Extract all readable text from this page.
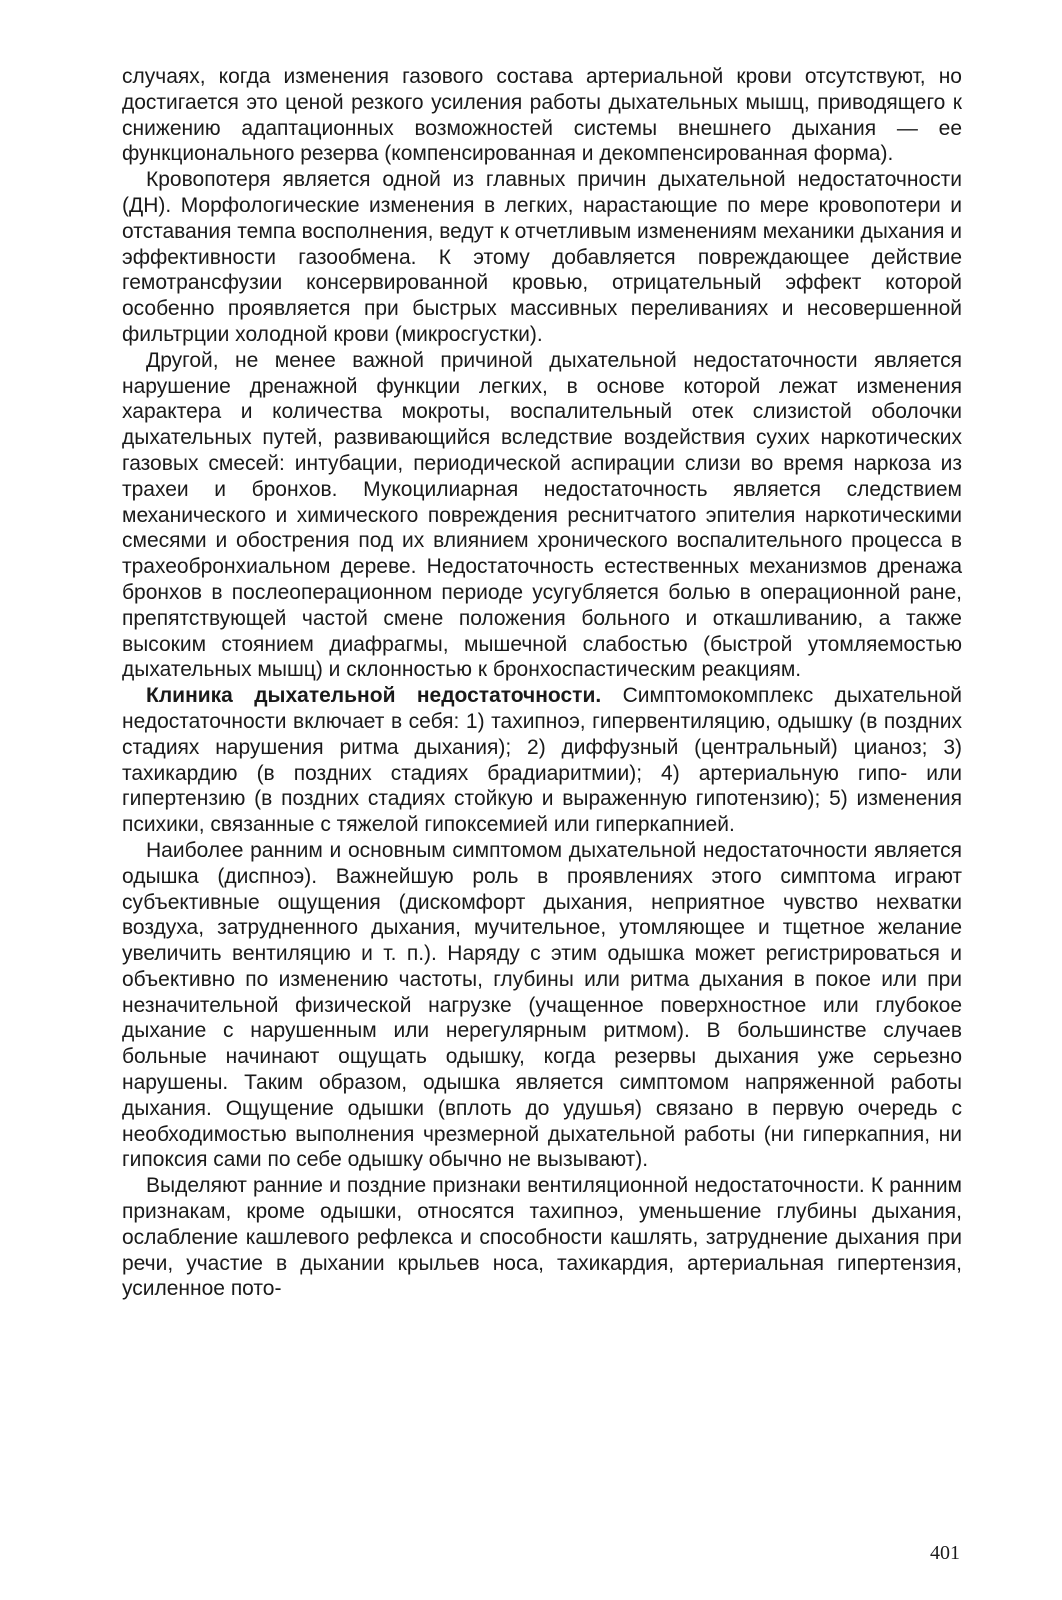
случаях, когда изменения газового состава артериальной крови отсутствуют, но достигается это ценой резкого усиления работы дыхательных мышц, приводящего к снижению адаптационных возможностей системы внешнего дыхания — ее функционального резерва (компенсированная и декомпенсированная форма).

Кровопотеря является одной из главных причин дыхательной недостаточности (ДН). Морфологические изменения в легких, нарастающие по мере кровопотери и отставания темпа восполнения, ведут к отчетливым изменениям механики дыхания и эффективности газообмена. К этому добавляется повреждающее действие гемотрансфузии консервированной кровью, отрицательный эффект которой особенно проявляется при быстрых массивных переливаниях и несовершенной фильтрции холодной крови (микросгустки).

Другой, не менее важной причиной дыхательной недостаточности является нарушение дренажной функции легких, в основе которой лежат изменения характера и количества мокроты, воспалительный отек слизистой оболочки дыхательных путей, развивающийся вследствие воздействия сухих наркотических газовых смесей: интубации, периодической аспирации слизи во время наркоза из трахеи и бронхов. Мукоцилиарная недостаточность является следствием механического и химического повреждения реснитчатого эпителия наркотическими смесями и обострения под их влиянием хронического воспалительного процесса в трахеобронхиальном дереве. Недостаточность естественных механизмов дренажа бронхов в послеоперационном периоде усугубляется болью в операционной ране, препятствующей частой смене положения больного и откашливанию, а также высоким стоянием диафрагмы, мышечной слабостью (быстрой утомляемостью дыхательных мышц) и склонностью к бронхоспастическим реакциям.

Клиника дыхательной недостаточности. Симптомокомплекс дыхательной недостаточности включает в себя: 1) тахипноэ, гипервентиляцию, одышку (в поздних стадиях нарушения ритма дыхания); 2) диффузный (центральный) цианоз; 3) тахикардию (в поздних стадиях брадиаритмии); 4) артериальную гипо- или гипертензию (в поздних стадиях стойкую и выраженную гипотензию); 5) изменения психики, связанные с тяжелой гипоксемией или гиперкапнией.

Наиболее ранним и основным симптомом дыхательной недостаточности является одышка (диспноэ). Важнейшую роль в проявлениях этого симптома играют субъективные ощущения (дискомфорт дыхания, неприятное чувство нехватки воздуха, затрудненного дыхания, мучительное, утомляющее и тщетное желание увеличить вентиляцию и т. п.). Наряду с этим одышка может регистрироваться и объективно по изменению частоты, глубины или ритма дыхания в покое или при незначительной физической нагрузке (учащенное поверхностное или глубокое дыхание с нарушенным или нерегулярным ритмом). В большинстве случаев больные начинают ощущать одышку, когда резервы дыхания уже серьезно нарушены. Таким образом, одышка является симптомом напряженной работы дыхания. Ощущение одышки (вплоть до удушья) связано в первую очередь с необходимостью выполнения чрезмерной дыхательной работы (ни гиперкапния, ни гипоксия сами по себе одышку обычно не вызывают).

Выделяют ранние и поздние признаки вентиляционной недостаточности. К ранним признакам, кроме одышки, относятся тахипноэ, уменьшение глубины дыхания, ослабление кашлевого рефлекса и способности кашлять, затруднение дыхания при речи, участие в дыхании крыльев носа, тахикардия, артериальная гипертензия, усиленное пото-

401
